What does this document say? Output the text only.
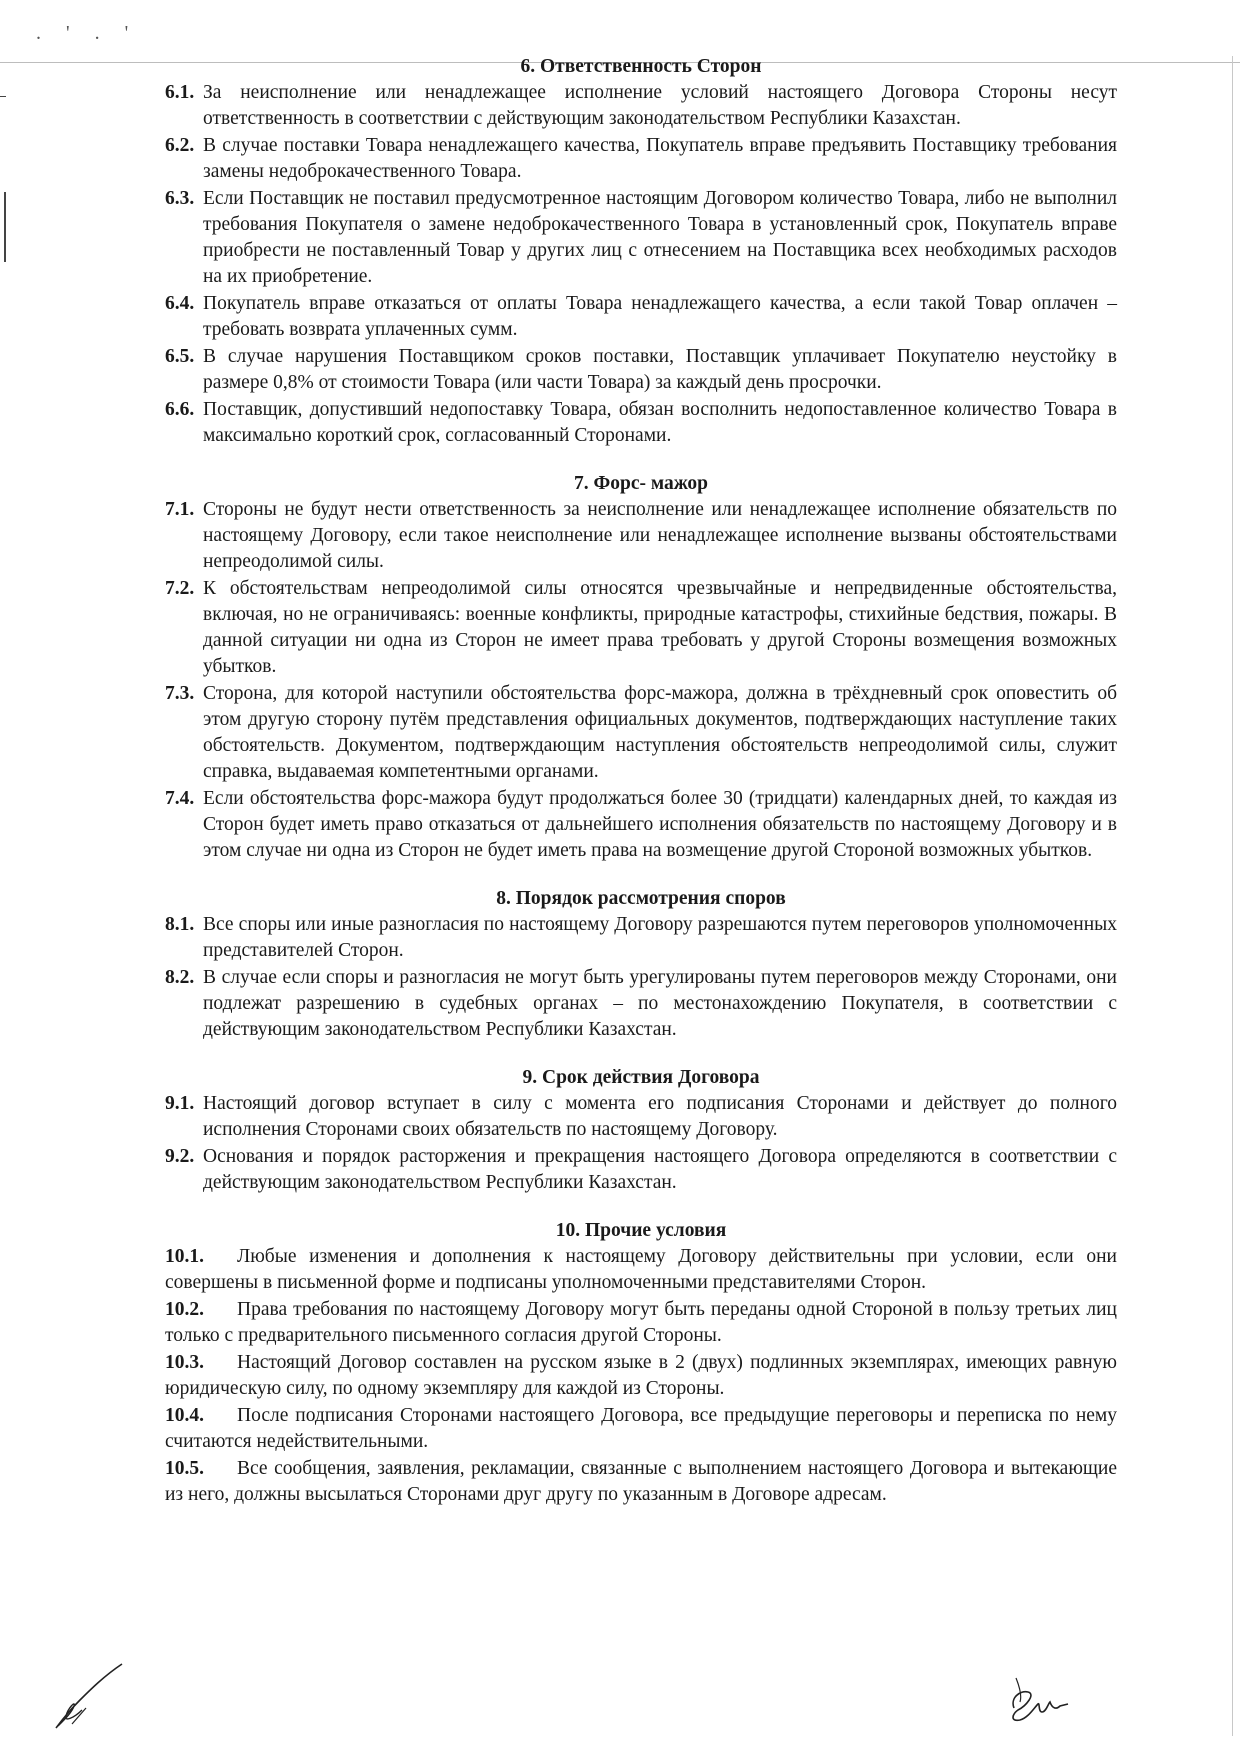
. ' . '
6. Ответственность Сторон
6.1. За неисполнение или ненадлежащее исполнение условий настоящего Договора Стороны несут ответственность в соответствии с действующим законодательством Республики Казахстан.
6.2. В случае поставки Товара ненадлежащего качества, Покупатель вправе предъявить Поставщику требования замены недоброкачественного Товара.
6.3. Если Поставщик не поставил предусмотренное настоящим Договором количество Товара, либо не выполнил требования Покупателя о замене недоброкачественного Товара в установленный срок, Покупатель вправе приобрести не поставленный Товар у других лиц с отнесением на Поставщика всех необходимых расходов на их приобретение.
6.4. Покупатель вправе отказаться от оплаты Товара ненадлежащего качества, а если такой Товар оплачен – требовать возврата уплаченных сумм.
6.5. В случае нарушения Поставщиком сроков поставки, Поставщик уплачивает Покупателю неустойку в размере 0,8% от стоимости Товара (или части Товара) за каждый день просрочки.
6.6. Поставщик, допустивший недопоставку Товара, обязан восполнить недопоставленное количество Товара в максимально короткий срок, согласованный Сторонами.
7. Форс- мажор
7.1. Стороны не будут нести ответственность за неисполнение или ненадлежащее исполнение обязательств по настоящему Договору, если такое неисполнение или ненадлежащее исполнение вызваны обстоятельствами непреодолимой силы.
7.2. К обстоятельствам непреодолимой силы относятся чрезвычайные и непредвиденные обстоятельства, включая, но не ограничиваясь: военные конфликты, природные катастрофы, стихийные бедствия, пожары. В данной ситуации ни одна из Сторон не имеет права требовать у другой Стороны возмещения возможных убытков.
7.3. Сторона, для которой наступили обстоятельства форс-мажора, должна в трёхдневный срок оповестить об этом другую сторону путём представления официальных документов, подтверждающих наступление таких обстоятельств. Документом, подтверждающим наступления обстоятельств непреодолимой силы, служит справка, выдаваемая компетентными органами.
7.4. Если обстоятельства форс-мажора будут продолжаться более 30 (тридцати) календарных дней, то каждая из Сторон будет иметь право отказаться от дальнейшего исполнения обязательств по настоящему Договору и в этом случае ни одна из Сторон не будет иметь права на возмещение другой Стороной возможных убытков.
8. Порядок рассмотрения споров
8.1. Все споры или иные разногласия по настоящему Договору разрешаются путем переговоров уполномоченных представителей Сторон.
8.2. В случае если споры и разногласия не могут быть урегулированы путем переговоров между Сторонами, они подлежат разрешению в судебных органах – по местонахождению Покупателя, в соответствии с действующим законодательством Республики Казахстан.
9. Срок действия Договора
9.1. Настоящий договор вступает в силу с момента его подписания Сторонами и действует до полного исполнения Сторонами своих обязательств по настоящему Договору.
9.2. Основания и порядок расторжения и прекращения настоящего Договора определяются в соответствии с действующим законодательством Республики Казахстан.
10. Прочие условия
10.1. Любые изменения и дополнения к настоящему Договору действительны при условии, если они совершены в письменной форме и подписаны уполномоченными представителями Сторон.
10.2. Права требования по настоящему Договору могут быть переданы одной Стороной в пользу третьих лиц только с предварительного письменного согласия другой Стороны.
10.3. Настоящий Договор составлен на русском языке в 2 (двух) подлинных экземплярах, имеющих равную юридическую силу, по одному экземпляру для каждой из Стороны.
10.4. После подписания Сторонами настоящего Договора, все предыдущие переговоры и переписка по нему считаются недействительными.
10.5. Все сообщения, заявления, рекламации, связанные с выполнением настоящего Договора и вытекающие из него, должны высылаться Сторонами друг другу по указанным в Договоре адресам.
